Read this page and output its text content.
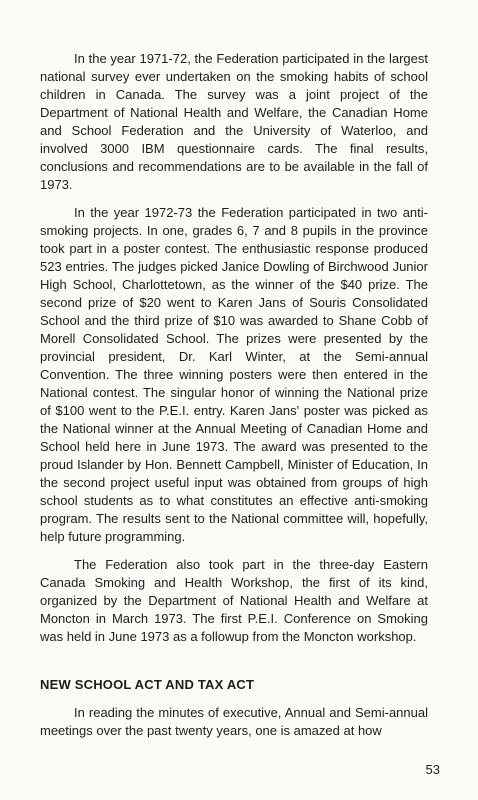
In the year 1971-72, the Federation participated in the largest national survey ever undertaken on the smoking habits of school children in Canada. The survey was a joint project of the Department of National Health and Welfare, the Canadian Home and School Federation and the University of Waterloo, and involved 3000 IBM questionnaire cards. The final results, conclusions and recommendations are to be available in the fall of 1973.

In the year 1972-73 the Federation participated in two anti-smoking projects. In one, grades 6, 7 and 8 pupils in the province took part in a poster contest. The enthusiastic response produced 523 entries. The judges picked Janice Dowling of Birchwood Junior High School, Charlottetown, as the winner of the $40 prize. The second prize of $20 went to Karen Jans of Souris Consolidated School and the third prize of $10 was awarded to Shane Cobb of Morell Consolidated School. The prizes were presented by the provincial president, Dr. Karl Winter, at the Semi-annual Convention. The three winning posters were then entered in the National contest. The singular honor of winning the National prize of $100 went to the P.E.I. entry. Karen Jans' poster was picked as the National winner at the Annual Meeting of Canadian Home and School held here in June 1973. The award was presented to the proud Islander by Hon. Bennett Campbell, Minister of Education, In the second project useful input was obtained from groups of high school students as to what constitutes an effective anti-smoking program. The results sent to the National committee will, hopefully, help future programming.

The Federation also took part in the three-day Eastern Canada Smoking and Health Workshop, the first of its kind, organized by the Department of National Health and Welfare at Moncton in March 1973. The first P.E.I. Conference on Smoking was held in June 1973 as a followup from the Moncton workshop.

NEW SCHOOL ACT AND TAX ACT

In reading the minutes of executive, Annual and Semi-annual meetings over the past twenty years, one is amazed at how

53
